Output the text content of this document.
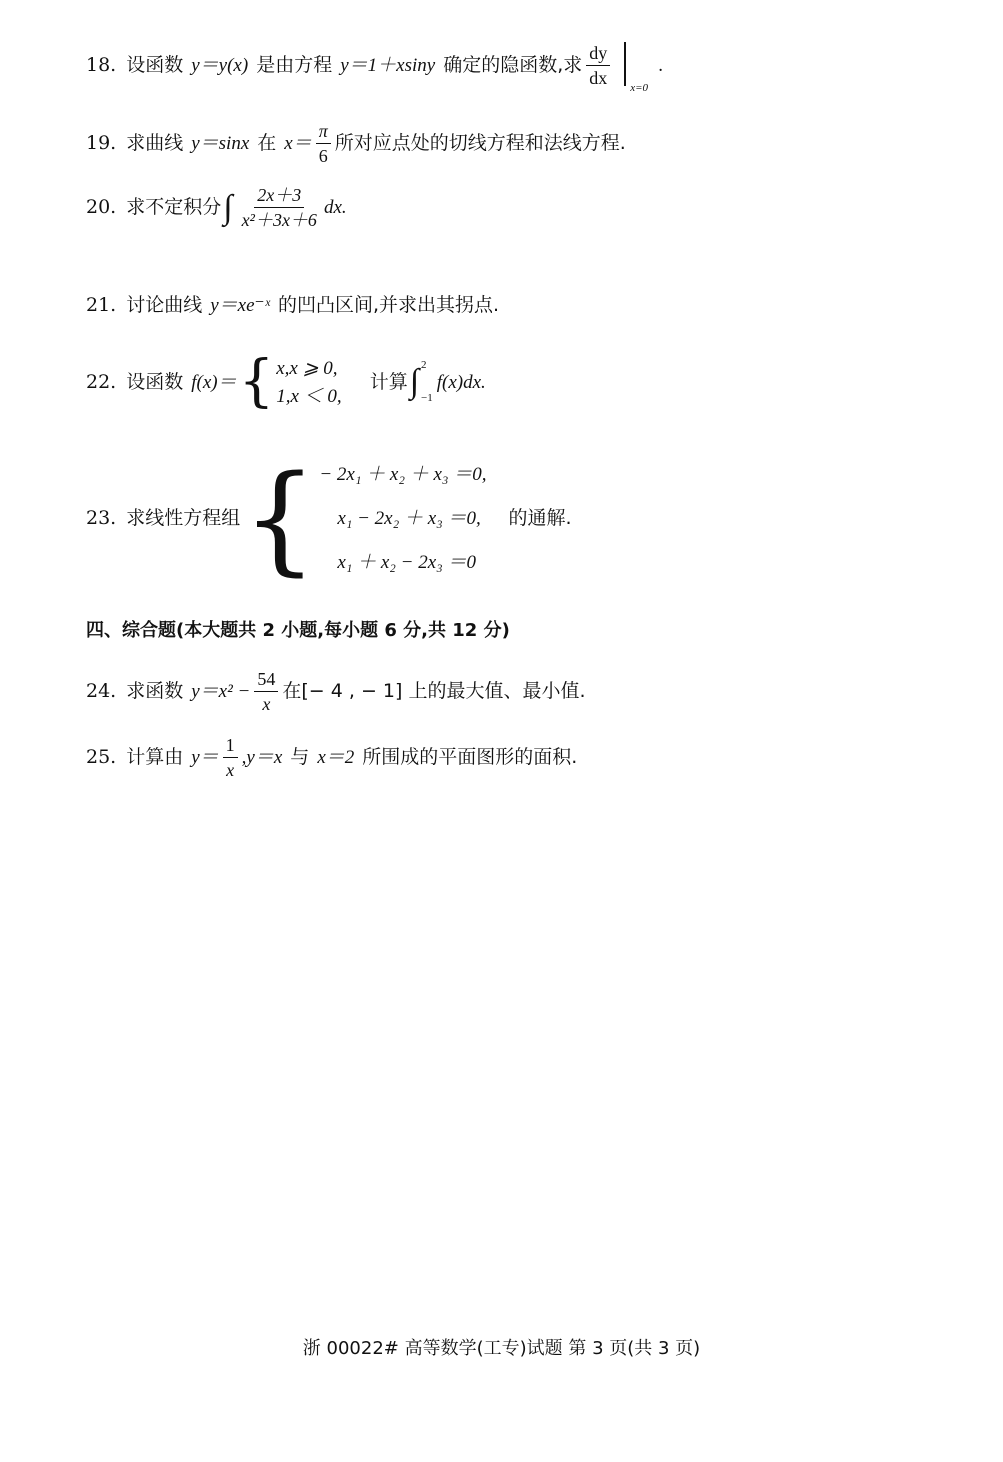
18. 设函数 y＝y(x) 是由方程 y＝1＋xsiny 确定的隐函数,求 $\frac{dy}{dx}$
x=0
.
19. 求曲线 y＝sinx 在 $x= \frac{\pi}{6}$ 所对应点处的切线方程和法线方程.
20. 求不定积分 ∫ $\frac{2x+3}{\text{x²＋3x＋6}}$ dx.
21. 讨论曲线 y＝xe⁻ˣ 的凹凸区间,并求出其拐点.
22. 设函数 f(x)＝ { x,x ⩾ 0,
1,x ＜ 0,
计算 ∫ 2
−1
f(x)dx.
23. 求线性方程组 { − 2x₁ ＋ x₂ ＋ x₃ ＝0,
x₁ − 2x₂ ＋ x₃ ＝0,
x₁ ＋ x₂ − 2x₃ ＝0
的通解.
四、综合题(本大题共 2 小题,每小题 6 分,共 12 分)
24. 求函数 $y=x^2 - \frac{54}{x}$ 在[− 4 , − 1] 上的最大值、最小值.
25. 计算由 $y= \frac{1}{x} ,y=x$ 与 x＝2 所围成的平面图形的面积.
浙 00022# 高等数学(工专)试题 第 3 页(共 3 页)
